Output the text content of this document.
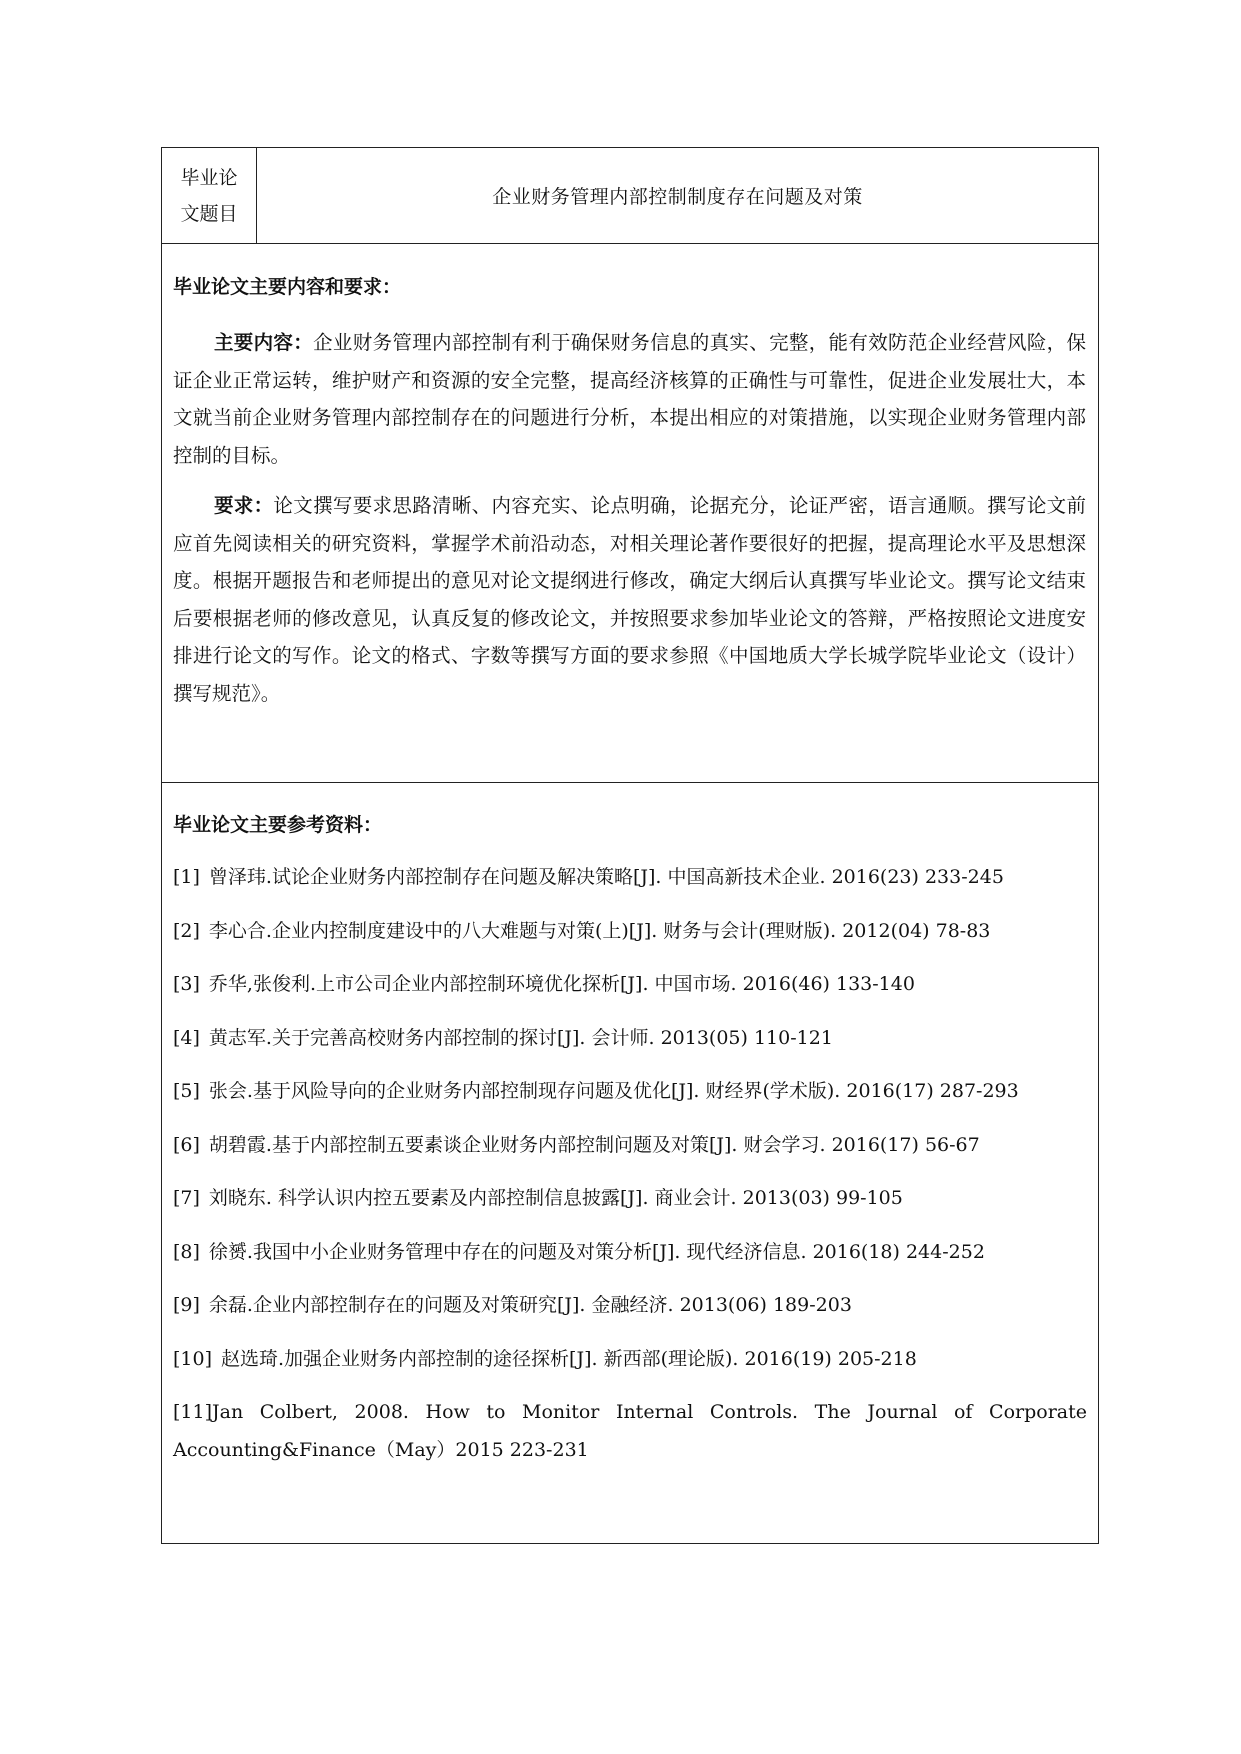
毕业论
文题目
	企业财务管理内部控制制度存在问题及对策

毕业论文主要内容和要求：

主要内容：企业财务管理内部控制有利于确保财务信息的真实、完整，能有效防范企业经营风险，保证企业正常运转，维护财产和资源的安全完整，提高经济核算的正确性与可靠性，促进企业发展壮大，本文就当前企业财务管理内部控制存在的问题进行分析，本提出相应的对策措施，以实现企业财务管理内部控制的目标。

要求：论文撰写要求思路清晰、内容充实、论点明确，论据充分，论证严密，语言通顺。撰写论文前应首先阅读相关的研究资料，掌握学术前沿动态，对相关理论著作要很好的把握，提高理论水平及思想深度。根据开题报告和老师提出的意见对论文提纲进行修改，确定大纲后认真撰写毕业论文。撰写论文结束后要根据老师的修改意见，认真反复的修改论文，并按照要求参加毕业论文的答辩，严格按照论文进度安排进行论文的写作。论文的格式、字数等撰写方面的要求参照《中国地质大学长城学院毕业论文（设计）撰写规范》。

毕业论文主要参考资料：
[1] 曾泽玮.试论企业财务内部控制存在问题及解决策略[J]. 中国高新技术企业. 2016(23) 233-245
[2] 李心合.企业内控制度建设中的八大难题与对策(上)[J]. 财务与会计(理财版). 2012(04) 78-83
[3] 乔华,张俊利.上市公司企业内部控制环境优化探析[J]. 中国市场. 2016(46) 133-140
[4] 黄志军.关于完善高校财务内部控制的探讨[J]. 会计师. 2013(05) 110-121
[5] 张会.基于风险导向的企业财务内部控制现存问题及优化[J]. 财经界(学术版). 2016(17) 287-293
[6] 胡碧霞.基于内部控制五要素谈企业财务内部控制问题及对策[J]. 财会学习. 2016(17) 56-67
[7] 刘晓东. 科学认识内控五要素及内部控制信息披露[J]. 商业会计. 2013(03) 99-105
[8] 徐赟.我国中小企业财务管理中存在的问题及对策分析[J]. 现代经济信息. 2016(18) 244-252
[9] 余磊.企业内部控制存在的问题及对策研究[J]. 金融经济. 2013(06) 189-203
[10] 赵选琦.加强企业财务内部控制的途径探析[J]. 新西部(理论版). 2016(19) 205-218
[11]Jan Colbert, 2008. How to Monitor Internal Controls. The Journal of Corporate Accounting&Finance（May）2015 223-231
